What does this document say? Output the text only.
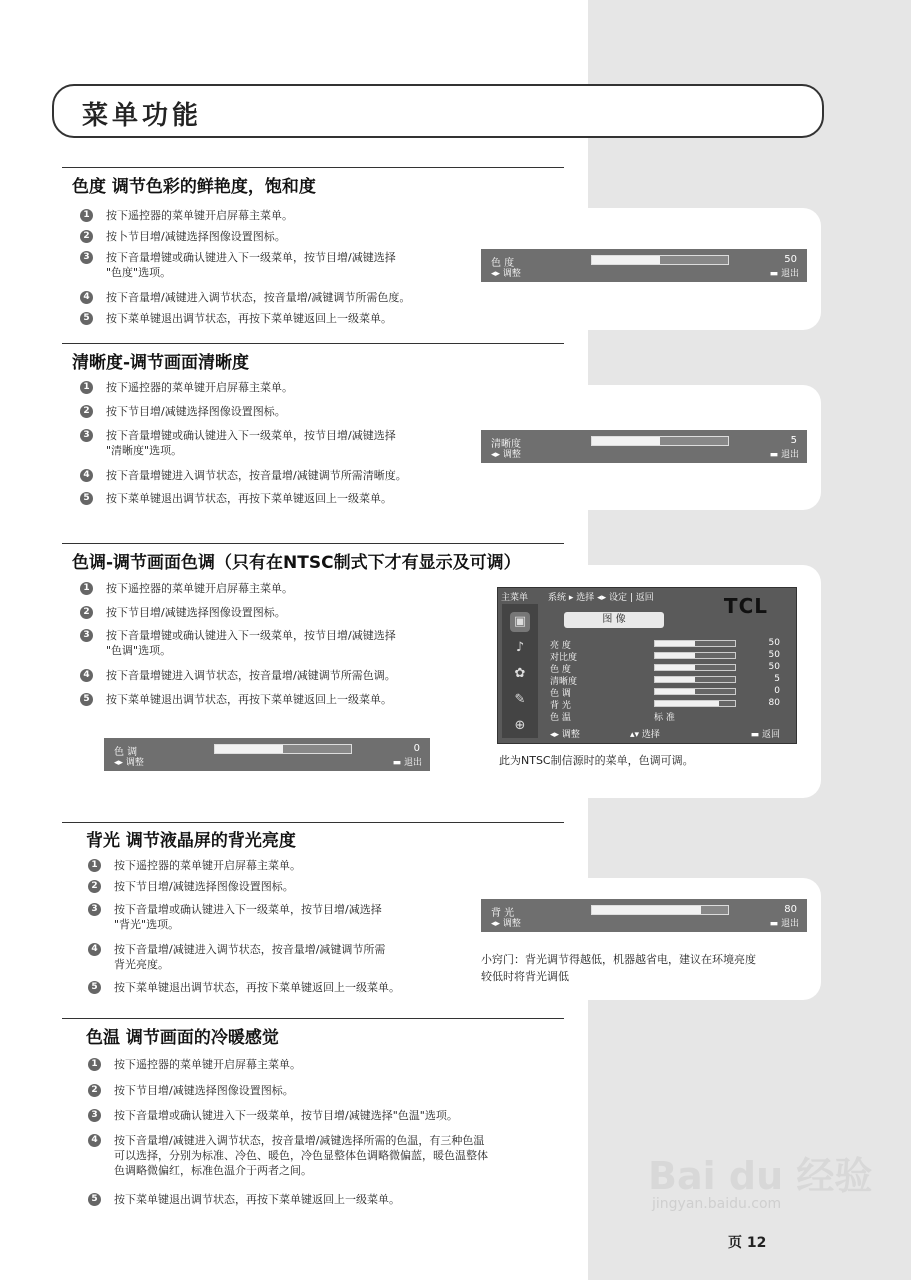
菜单功能
色度 调节色彩的鲜艳度，饱和度
1	按下遥控器的菜单键开启屏幕主菜单。
2	按卜节目增/减键选择图像设置图标。
3	按下音量增键或确认键进入下一级菜单，按节目增/减键选择
"色度"选项。
4	按下音量增/减键进入调节状态，按音量增/减键调节所需色度。
5	按下菜单键退出调节状态，再按下菜单键返回上一级菜单。
色 度	50
◂▸ 调整	▬ 退出
清晰度-调节画面清晰度
1	按下遥控器的菜单键开启屏幕主菜单。
2	按下节目增/减键选择图像设置图标。
3	按下音量增键或确认键进入下一级菜单，按节目增/减键选择
"清晰度"选项。
4	按下音量增键进入调节状态，按音量增/减键调节所需清晰度。
5	按下菜单键退出调节状态，再按下菜单键返回上一级菜单。
清晰度	5
◂▸ 调整	▬ 退出
色调-调节画面色调（只有在NTSC制式下才有显示及可调）
1	按下遥控器的菜单键开启屏幕主菜单。
2	按下节目增/减键选择图像设置图标。
3	按下音量增键或确认键进入下一级菜单，按节目增/减键选择
"色调"选项。
4	按下音量增键进入调节状态，按音量增/减键调节所需色调。
5	按下菜单键退出调节状态，再按下菜单键返回上一级菜单。
色 调	0
◂▸ 调整	▬ 退出
主菜单 系统 ▸ 选择 ◂▸ 设定 | 返回	TCL
▣
♪
✿
✎
⊕
图 像
亮 度	50
对比度	50
色 度	50
清晰度	5
色 调	0
背 光	80
色 温	标 准
◂▸ 调整	▴▾ 选择	▬ 返回
此为NTSC制信源时的菜单，色调可调。
背光 调节液晶屏的背光亮度
1	按下遥控器的菜单键开启屏幕主菜单。
2	按下节目增/减键选择图像设置图标。
3	按下音量增或确认键进入下一级菜单，按节目增/减选择
"背光"选项。
4	按下音量增/减键进入调节状态，按音量增/减键调节所需
背光亮度。
5	按下菜单键退出调节状态，再按下菜单键返回上一级菜单。
背 光	80
◂▸ 调整	▬ 退出
小窍门：背光调节得越低，机器越省电，建议在环境亮度
较低时将背光调低
色温 调节画面的冷暖感觉
1	按下遥控器的菜单键开启屏幕主菜单。
2	按下节目增/减键选择图像设置图标。
3	按下音量增或确认键进入下一级菜单，按节目增/减键选择"色温"选项。
4	按下音量增/减键进入调节状态，按音量增/减键选择所需的色温，有三种色温
可以选择，分别为标准、冷色、暖色，冷色显整体色调略微偏蓝，暖色温整体
色调略微偏红，标准色温介于两者之间。
5	按下菜单键退出调节状态，再按下菜单键返回上一级菜单。
Bai du 经验
jingyan.baidu.com
页 12
